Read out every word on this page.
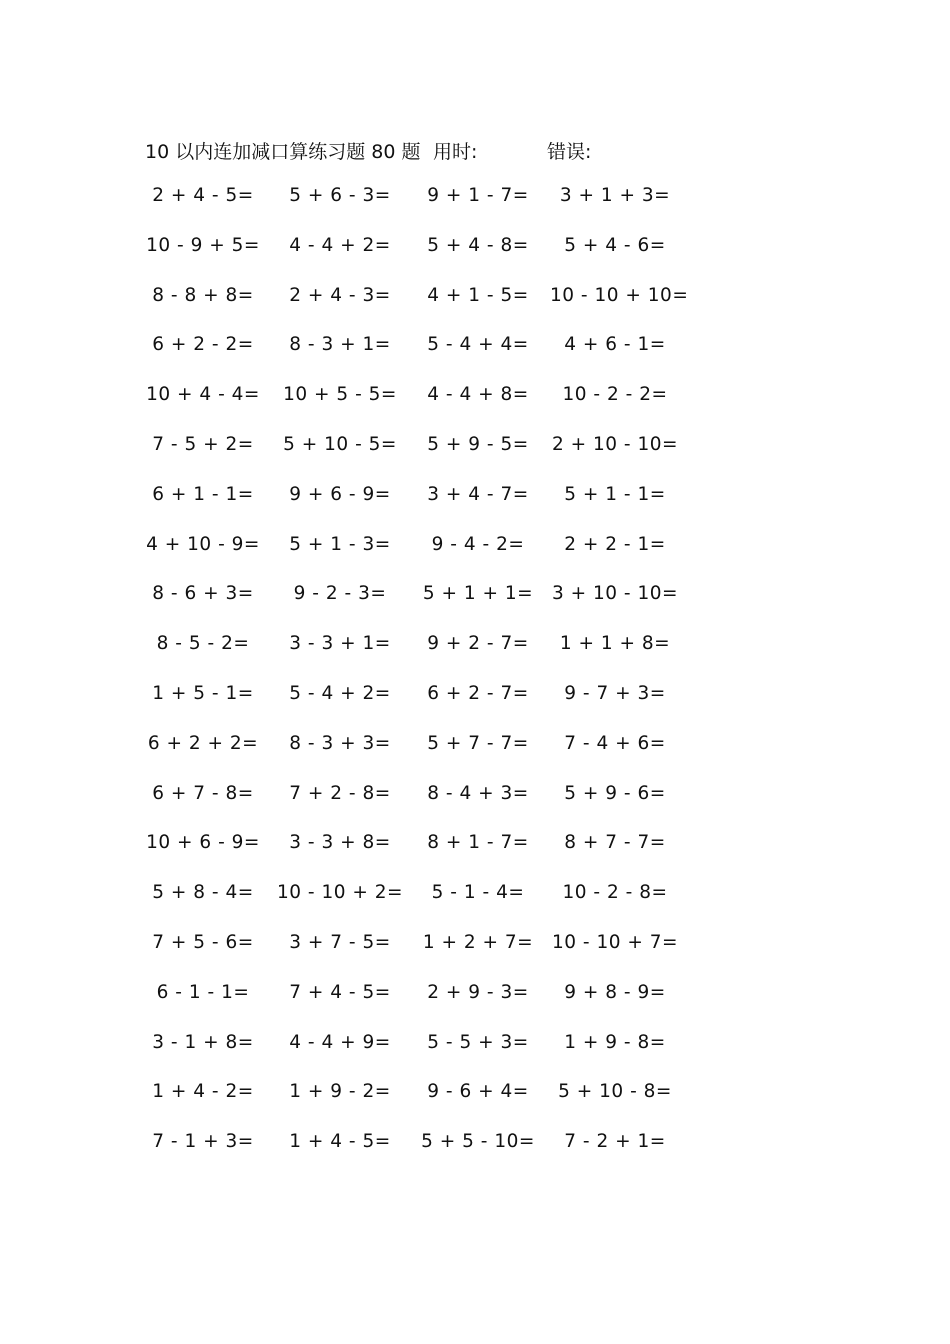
10 以内连加减口算练习题 80 题 用时:	错误:
2 + 4 - 5=	5 + 6 - 3=	9 + 1 - 7=	3 + 1 + 3=
10 - 9 + 5=	4 - 4 + 2=	5 + 4 - 8=	5 + 4 - 6=
8 - 8 + 8=	2 + 4 - 3=	4 + 1 - 5=	10 - 10 + 10=
6 + 2 - 2=	8 - 3 + 1=	5 - 4 + 4=	4 + 6 - 1=
10 + 4 - 4=	10 + 5 - 5=	4 - 4 + 8=	10 - 2 - 2=
7 - 5 + 2=	5 + 10 - 5=	5 + 9 - 5=	2 + 10 - 10=
6 + 1 - 1=	9 + 6 - 9=	3 + 4 - 7=	5 + 1 - 1=
4 + 10 - 9=	5 + 1 - 3=	9 - 4 - 2=	2 + 2 - 1=
8 - 6 + 3=	9 - 2 - 3=	5 + 1 + 1=	3 + 10 - 10=
8 - 5 - 2=	3 - 3 + 1=	9 + 2 - 7=	1 + 1 + 8=
1 + 5 - 1=	5 - 4 + 2=	6 + 2 - 7=	9 - 7 + 3=
6 + 2 + 2=	8 - 3 + 3=	5 + 7 - 7=	7 - 4 + 6=
6 + 7 - 8=	7 + 2 - 8=	8 - 4 + 3=	5 + 9 - 6=
10 + 6 - 9=	3 - 3 + 8=	8 + 1 - 7=	8 + 7 - 7=
5 + 8 - 4=	10 - 10 + 2=	5 - 1 - 4=	10 - 2 - 8=
7 + 5 - 6=	3 + 7 - 5=	1 + 2 + 7=	10 - 10 + 7=
6 - 1 - 1=	7 + 4 - 5=	2 + 9 - 3=	9 + 8 - 9=
3 - 1 + 8=	4 - 4 + 9=	5 - 5 + 3=	1 + 9 - 8=
1 + 4 - 2=	1 + 9 - 2=	9 - 6 + 4=	5 + 10 - 8=
7 - 1 + 3=	1 + 4 - 5=	5 + 5 - 10=	7 - 2 + 1=
